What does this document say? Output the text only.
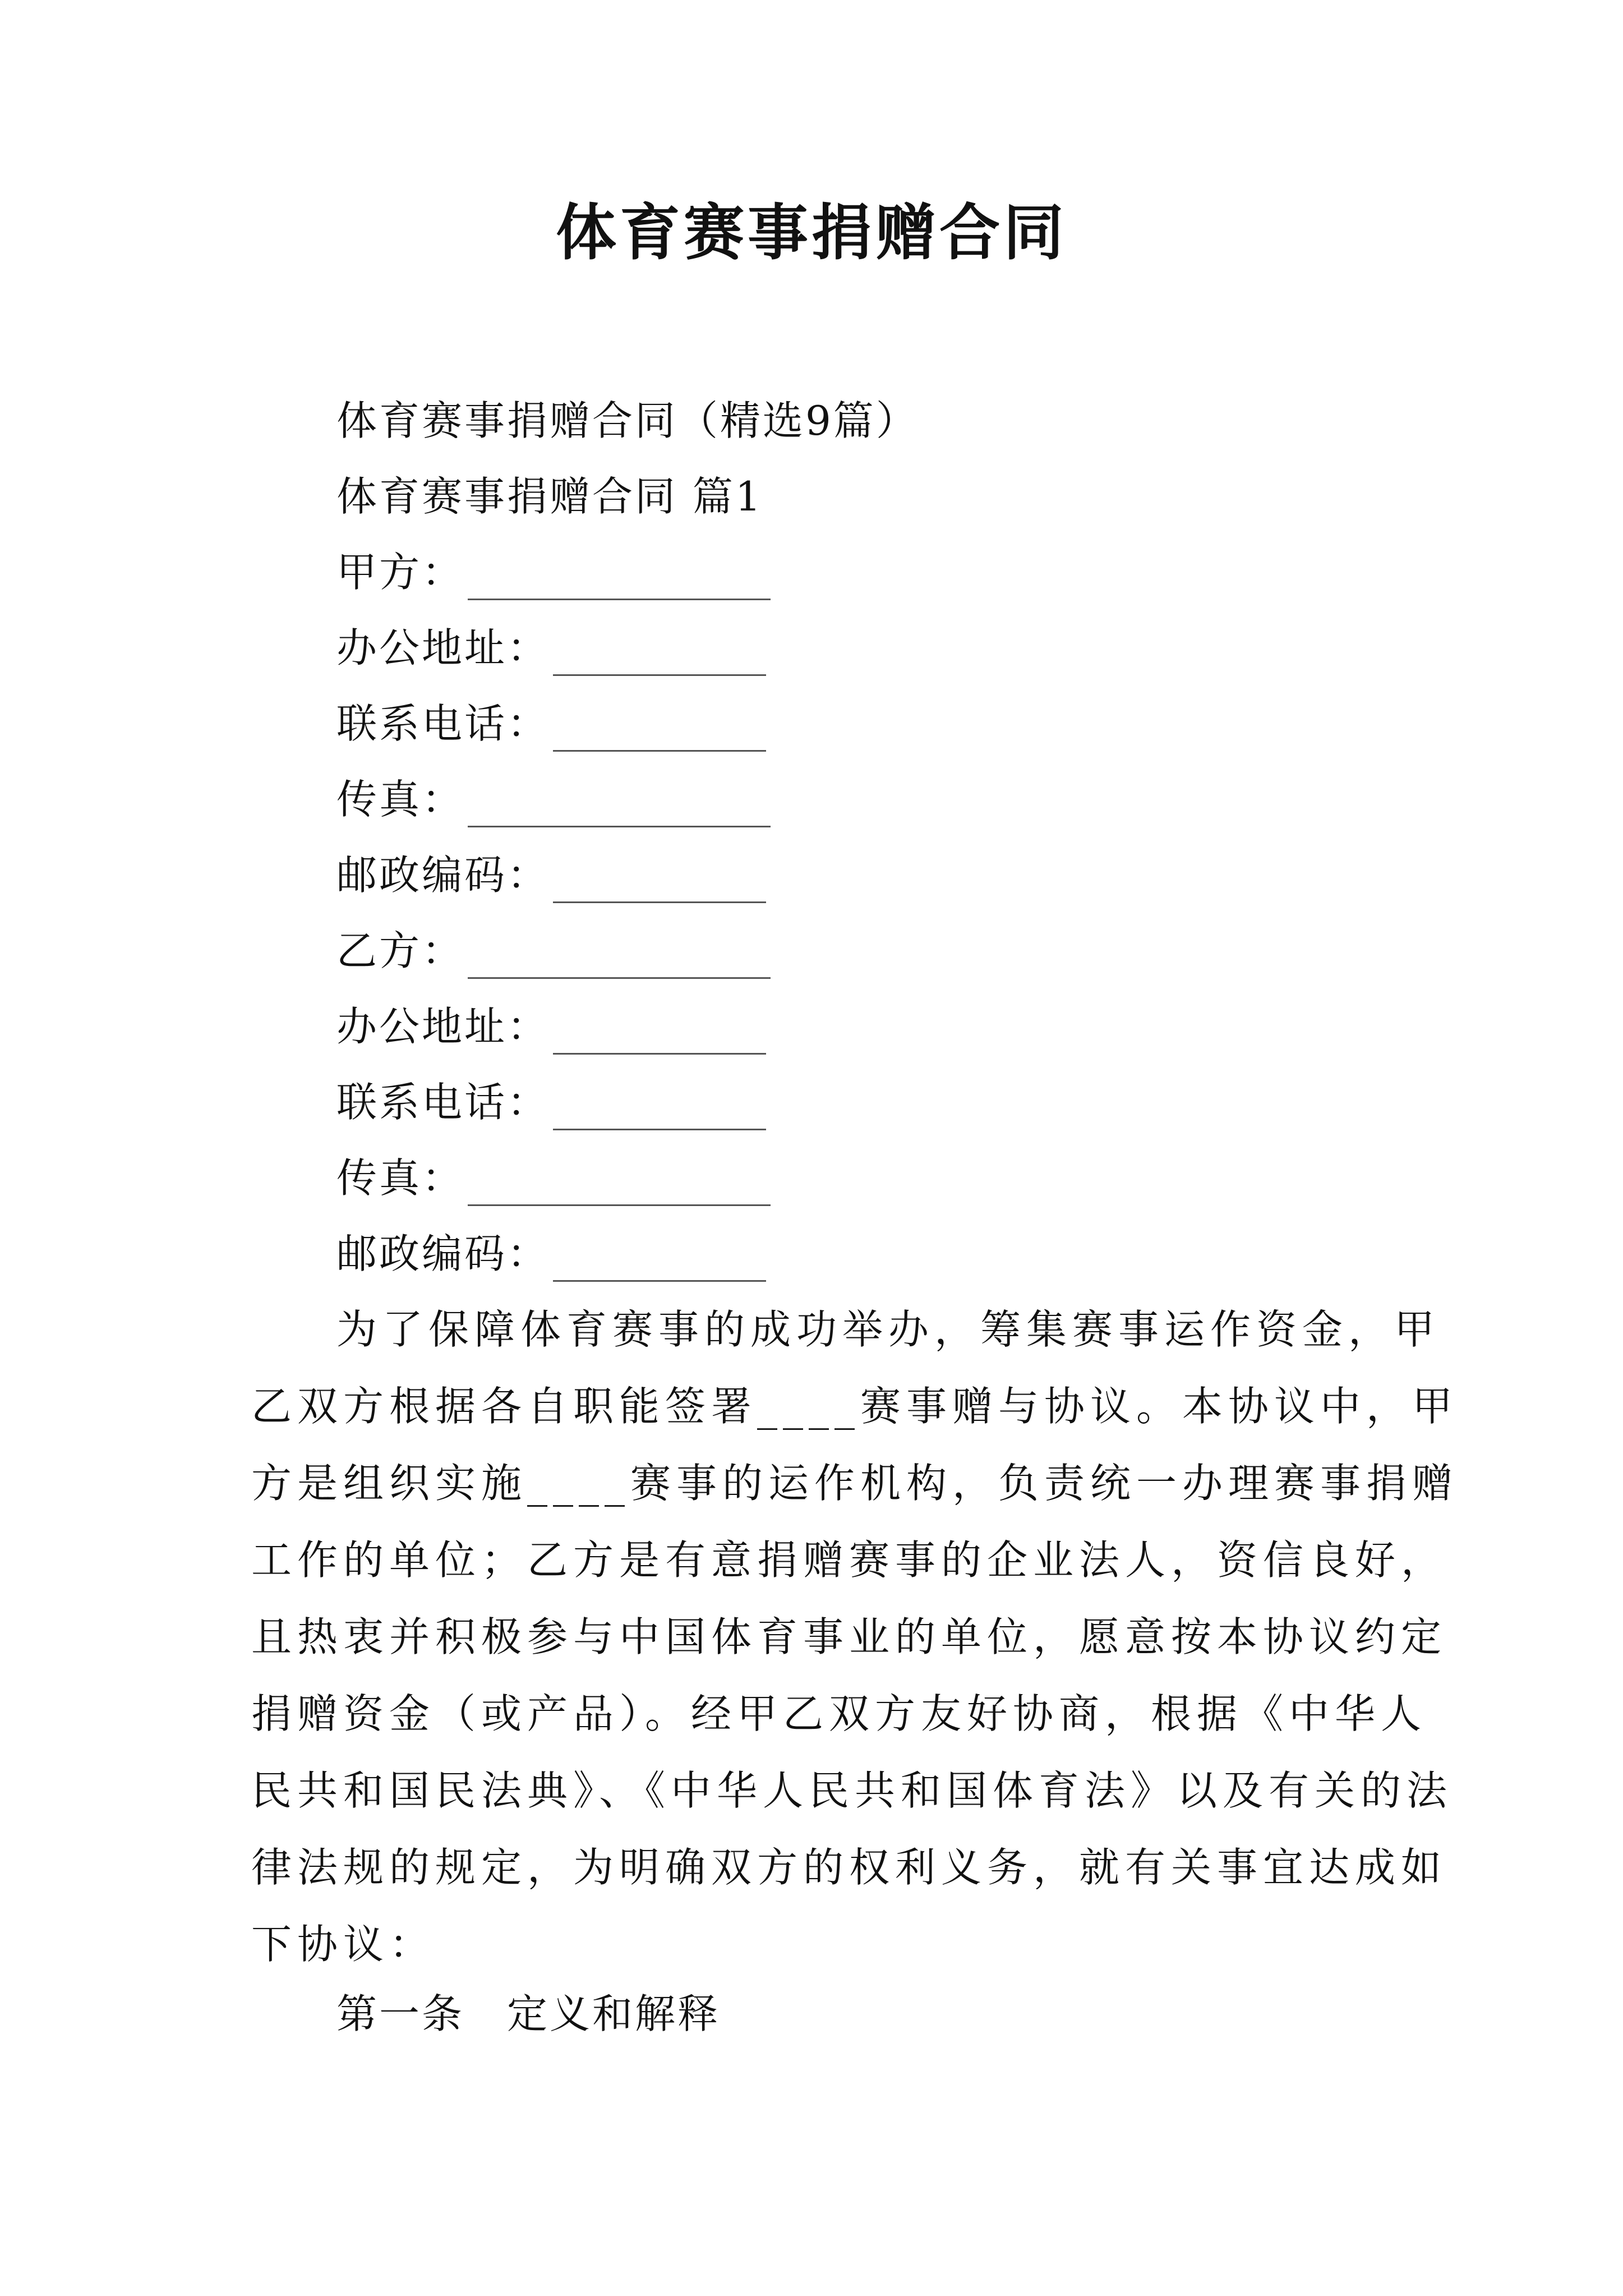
体育赛事捐赠合同
体育赛事捐赠合同（精选9篇）
体育赛事捐赠合同 篇1
甲方：
办公地址：
联系电话：
传真：
邮政编码：
乙方：
办公地址：
联系电话：
传真：
邮政编码：
为了保障体育赛事的成功举办，筹集赛事运作资金，甲
乙双方根据各自职能签署____赛事赠与协议。本协议中，甲
方是组织实施____赛事的运作机构，负责统一办理赛事捐赠
工作的单位；乙方是有意捐赠赛事的企业法人，资信良好，
且热衷并积极参与中国体育事业的单位，愿意按本协议约定
捐赠资金（或产品）。经甲乙双方友好协商，根据《中华人
民共和国民法典》、《中华人民共和国体育法》以及有关的法
律法规的规定，为明确双方的权利义务，就有关事宜达成如
下协议：
第一条　定义和解释
